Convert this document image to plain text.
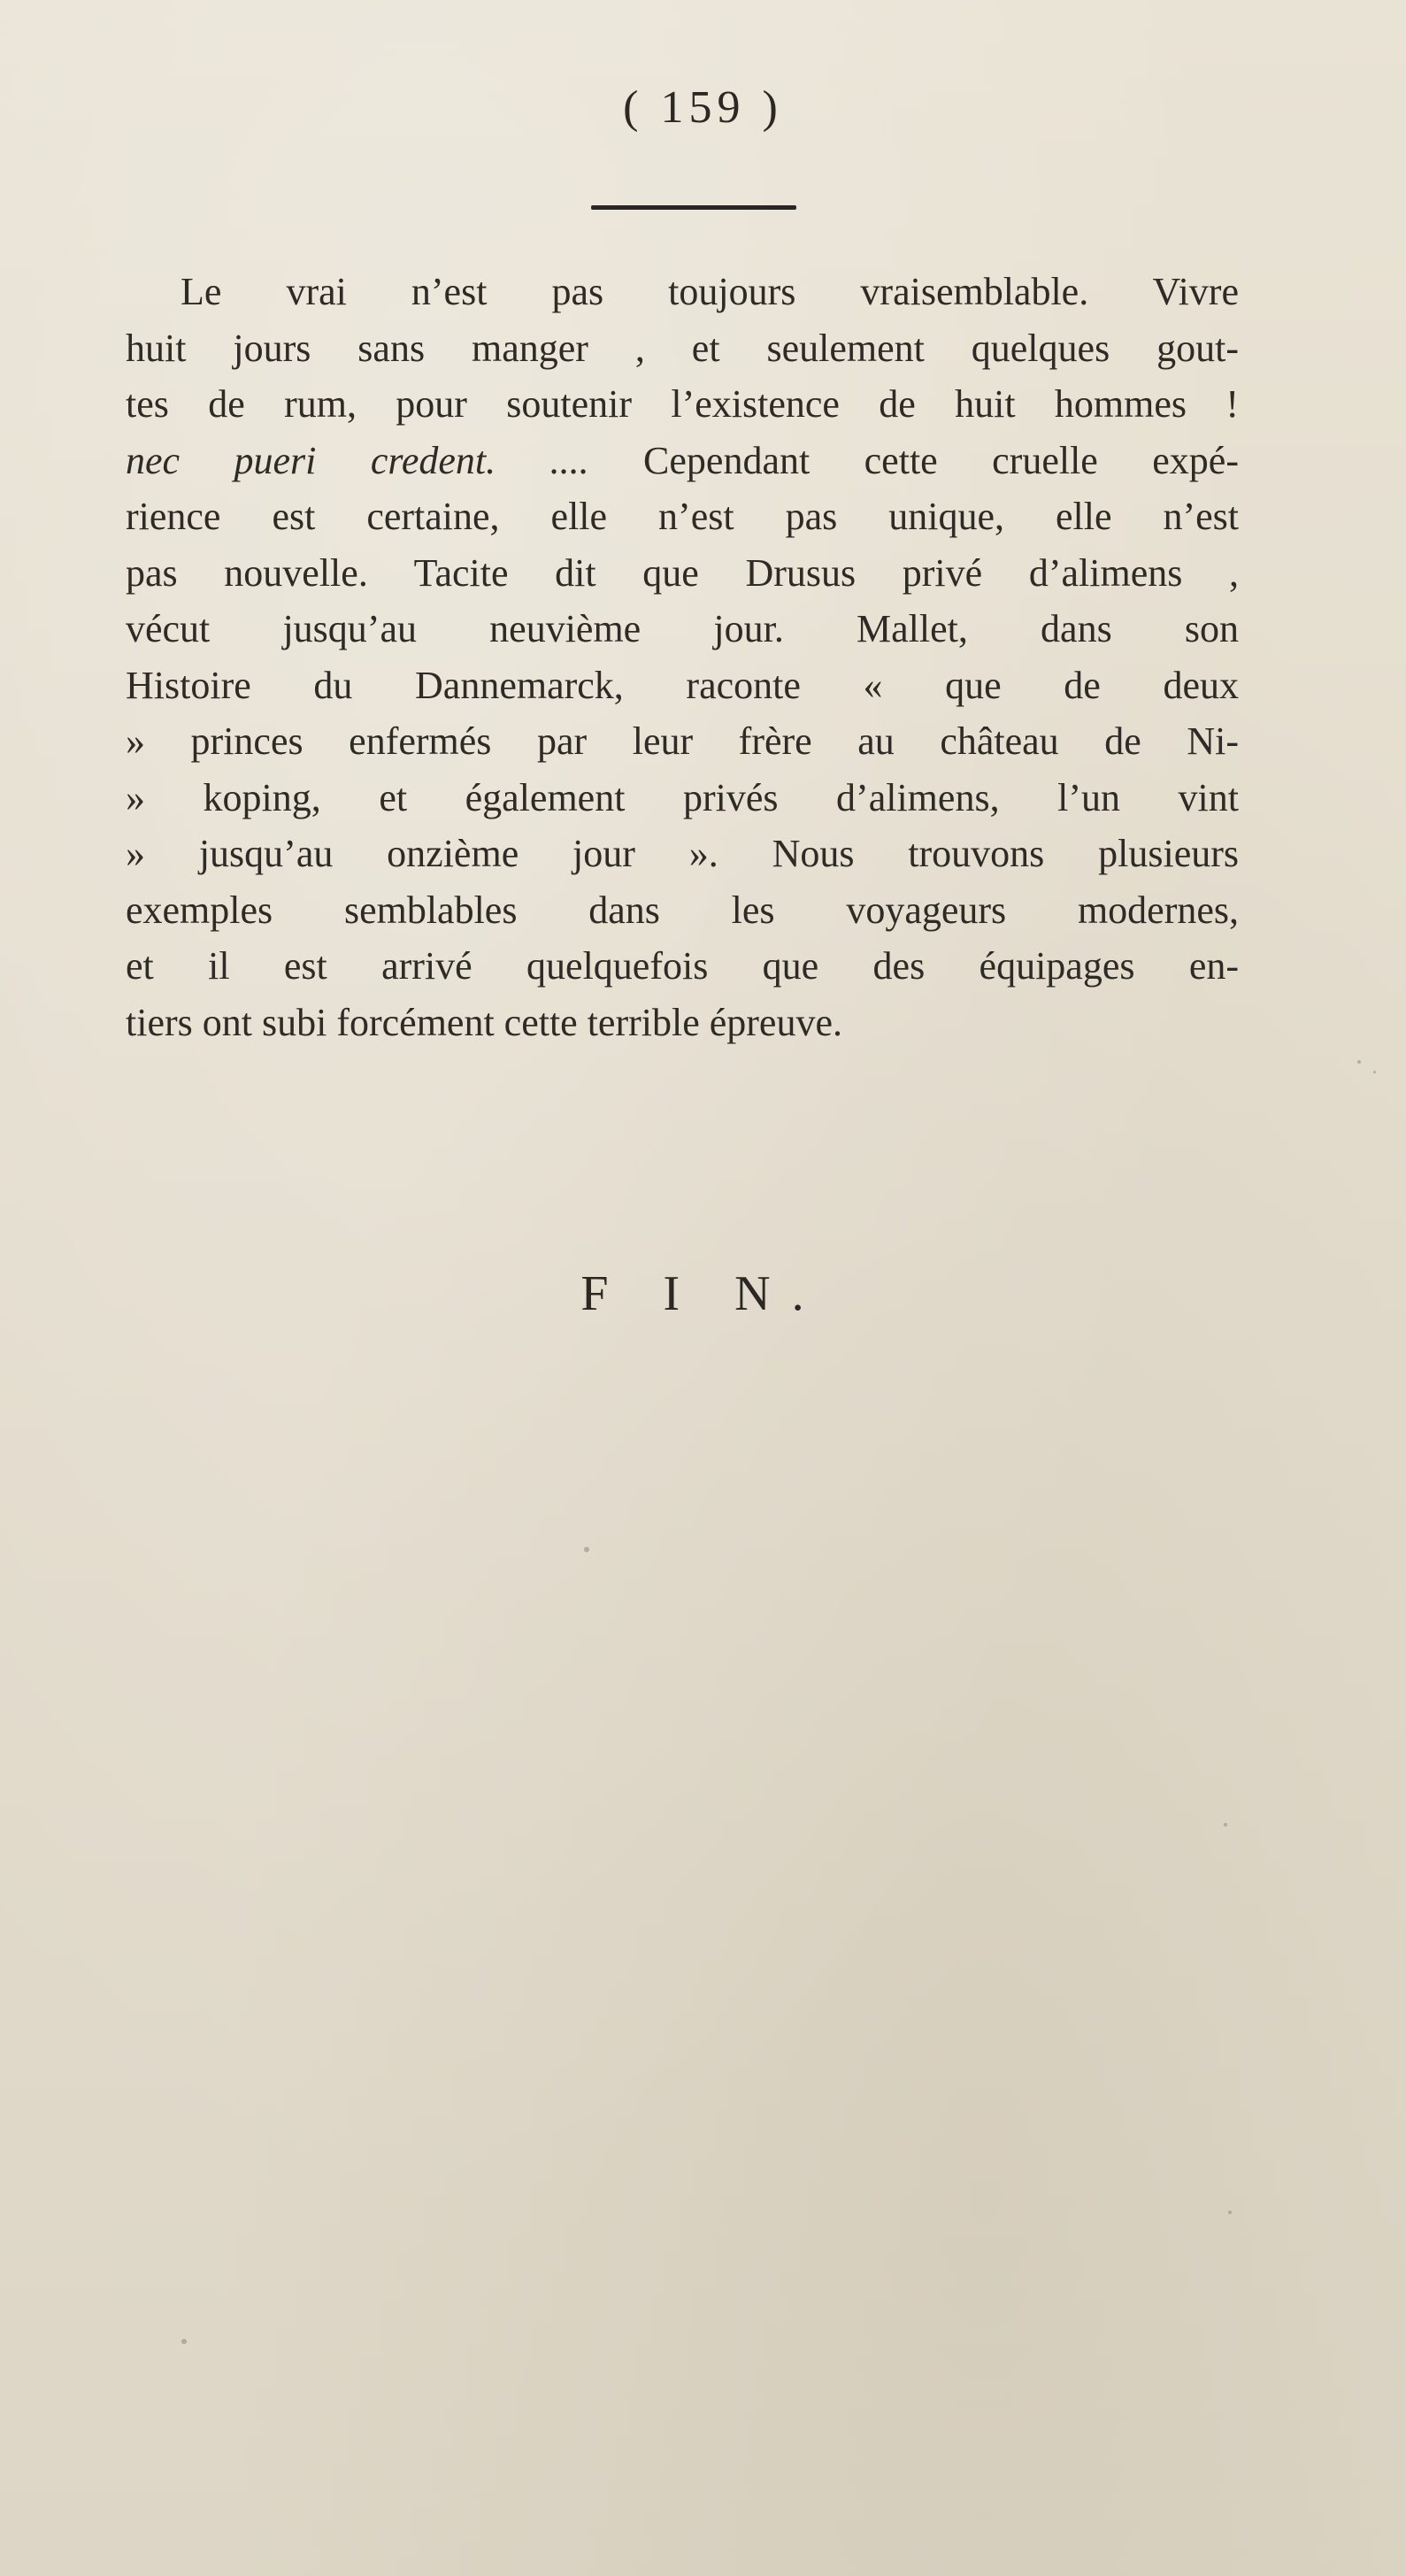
( 159 )
Le vrai n’est pas toujours vraisemblable. Vivre
huit jours sans manger , et seulement quelques gout-
tes de rum, pour soutenir l’existence de huit hommes !
nec pueri credent. .... Cependant cette cruelle expé-
rience est certaine, elle n’est pas unique, elle n’est
pas nouvelle. Tacite dit que Drusus privé d’alimens ,
vécut jusqu’au neuvième jour. Mallet, dans son
Histoire du Dannemarck, raconte « que de deux
» princes enfermés par leur frère au château de Ni-
» koping, et également privés d’alimens, l’un vint
» jusqu’au onzième jour ». Nous trouvons plusieurs
exemples semblables dans les voyageurs modernes,
et il est arrivé quelquefois que des équipages en-
tiers ont subi forcément cette terrible épreuve.
F I N.
